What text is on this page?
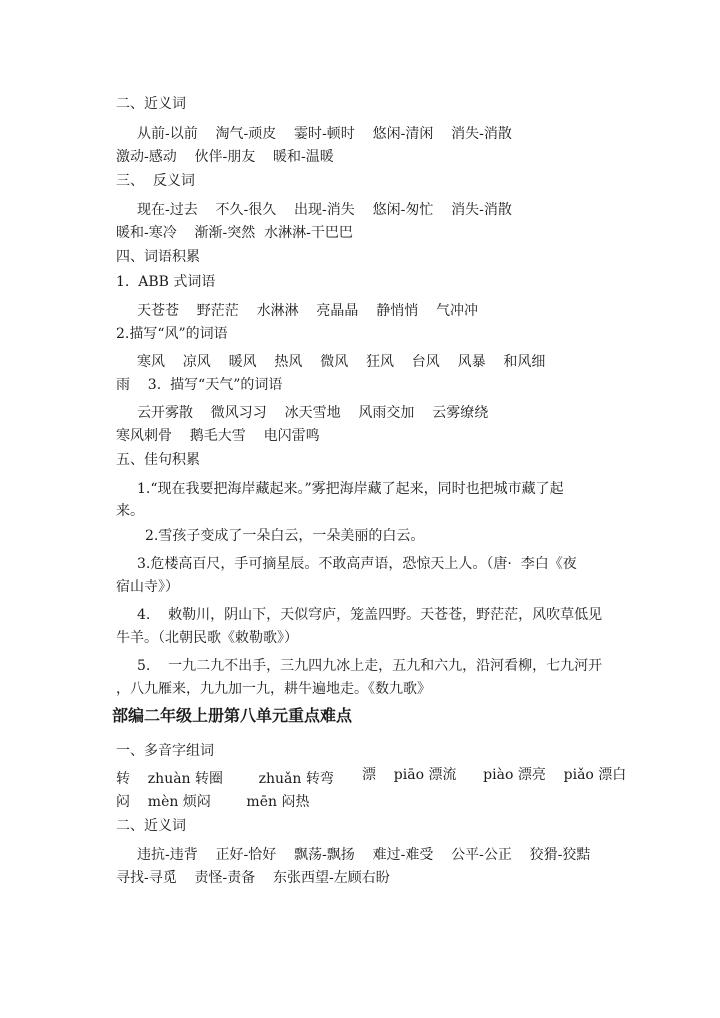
二、近义词
从前-以前    淘气-顽皮    霎时-顿时    悠闲-清闲    消失-消散
激动-感动    伙伴-朋友    暖和-温暖
三、  反义词
现在-过去    不久-很久    出现-消失    悠闲-匆忙    消失-消散
暖和-寒冷    渐渐-突然  水淋淋-干巴巴
四、词语积累
1.  ABB 式词语
天苍苍    野茫茫    水淋淋    亮晶晶    静悄悄    气冲冲
2.描写“风”的词语
寒风    凉风    暖风    热风    微风    狂风    台风    风暴    和风细
雨    3.  描写“天气”的词语
云开雾散    微风习习    冰天雪地    风雨交加    云雾缭绕
寒风刺骨    鹅毛大雪    电闪雷鸣
五、佳句积累
1.“现在我要把海岸藏起来。”雾把海岸藏了起来，同时也把城市藏了起
来。
2.雪孩子变成了一朵白云，一朵美丽的白云。
3.危楼高百尺，手可摘星辰。不敢高声语，恐惊天上人。（唐·  李白《夜
宿山寺》）
4.    敕勒川，阴山下，天似穹庐，笼盖四野。天苍苍，野茫茫，风吹草低见
牛羊。（北朝民歌《敕勒歌》）
5.    一九二九不出手，三九四九冰上走，五九和六九，沿河看柳，七九河开
，八九雁来，九九加一九，耕牛遍地走。《数九歌》
部编二年级上册第八单元重点难点
一、多音字组词
转    zhuàn 转圈        zhuǎn 转弯 漂    piāo 漂流      piào 漂亮    piǎo 漂白
闷    mèn 烦闷        mēn 闷热
二、近义词
违抗-违背    正好-恰好    飘荡-飘扬    难过-难受    公平-公正    狡猾-狡黠
寻找-寻觅    责怪-责备    东张西望-左顾右盼
